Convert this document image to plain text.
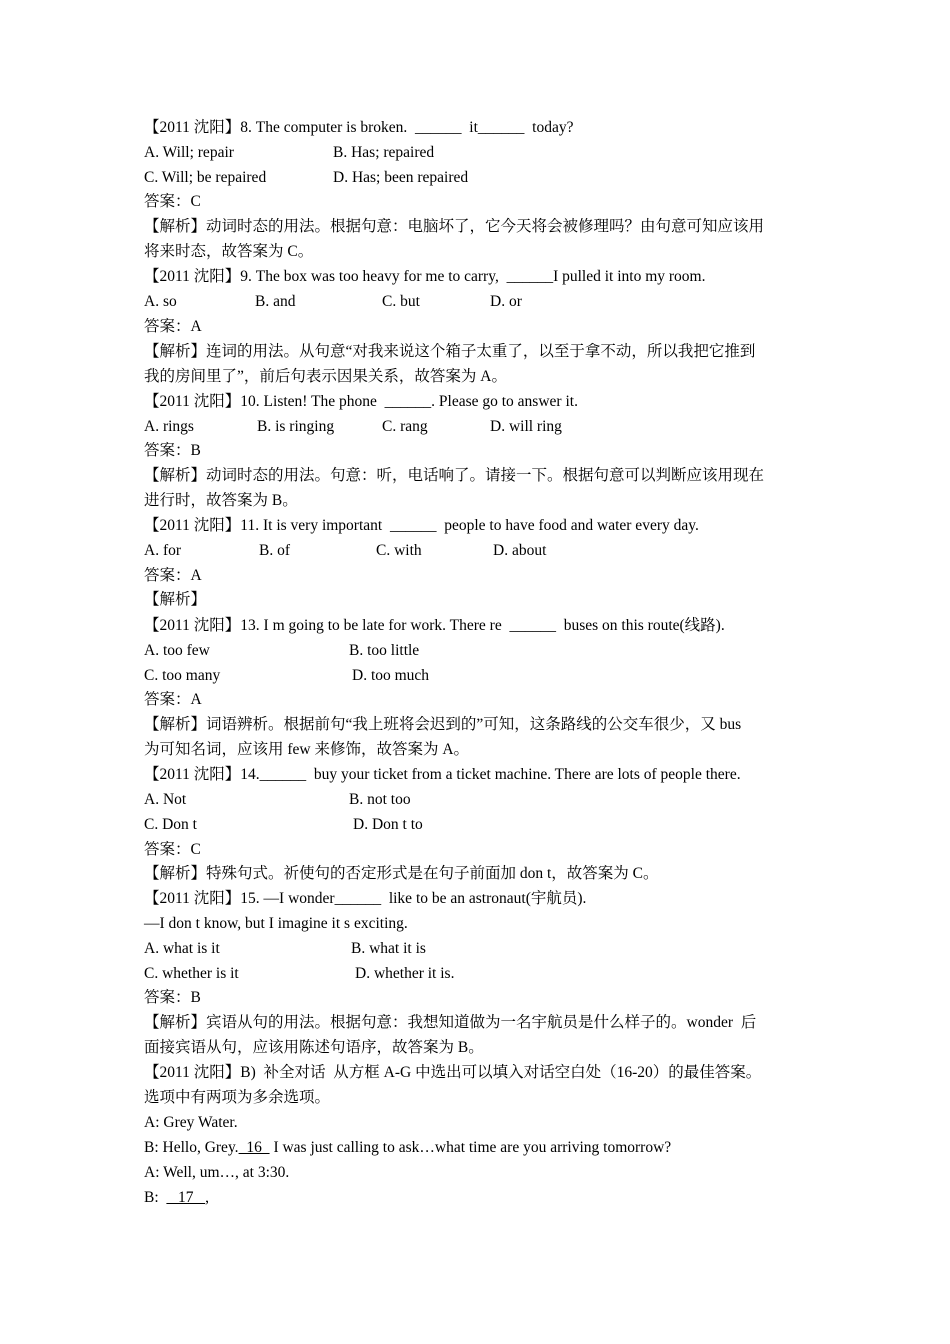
【2011 沈阳】8. The computer is broken.  ______  it______  today?
A. Will; repair	B. Has; repaired
C. Will; be repaired	D. Has; been repaired
答案：C
【解析】动词时态的用法。根据句意：电脑坏了，它今天将会被修理吗？由句意可知应该用
将来时态，故答案为 C。
【2011 沈阳】9. The box was too heavy for me to carry,  ______I pulled it into my room.
A. so	B. and	C. but	D. or
答案：A
【解析】连词的用法。从句意“对我来说这个箱子太重了，以至于拿不动，所以我把它推到
我的房间里了”，前后句表示因果关系，故答案为 A。
【2011 沈阳】10. Listen! The phone  ______. Please go to answer it.
A. rings	B. is ringing	C. rang	D. will ring
答案：B
【解析】动词时态的用法。句意：听，电话响了。请接一下。根据句意可以判断应该用现在
进行时，故答案为 B。
【2011 沈阳】11. It is very important  ______  people to have food and water every day.
A. for	B. of	C. with	D. about
答案：A
【解析】
【2011 沈阳】13. I m going to be late for work. There re  ______  buses on this route(线路).
A. too few	B. too little
C. too many	D. too much
答案：A
【解析】词语辨析。根据前句“我上班将会迟到的”可知，这条路线的公交车很少，又 bus
为可知名词，应该用 few 来修饰，故答案为 A。
【2011 沈阳】14.______  buy your ticket from a ticket machine. There are lots of people there.
A. Not	B. not too
C. Don t	D. Don t to
答案：C
【解析】特殊句式。祈使句的否定形式是在句子前面加 don t，故答案为 C。
【2011 沈阳】15. —I wonder______  like to be an astronaut(宇航员).
—I don t know, but I imagine it s exciting.
A. what is it	B. what it is
C. whether is it	D. whether it is.
答案：B
【解析】宾语从句的用法。根据句意：我想知道做为一名宇航员是什么样子的。wonder  后
面接宾语从句，应该用陈述句语序，故答案为 B。
【2011 沈阳】B)  补全对话  从方框 A-G 中选出可以填入对话空白处（16-20）的最佳答案。
选项中有两项为多余选项。
A: Grey Water.
B: Hello, Grey.  16   I was just calling to ask…what time are you arriving tomorrow?
A: Well, um…, at 3:30.
B:     17   ,
